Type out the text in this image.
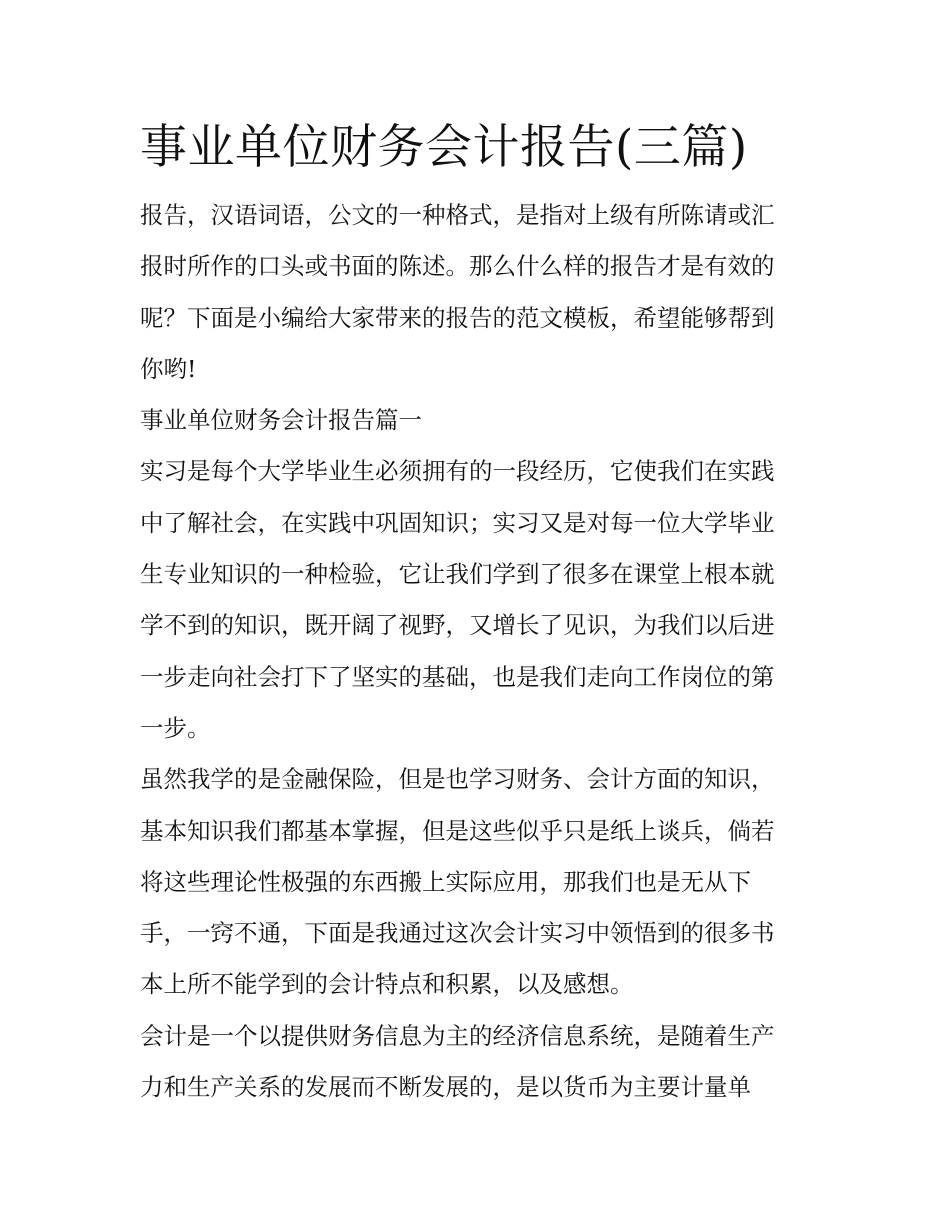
事业单位财务会计报告(三篇)

报告，汉语词语，公文的一种格式，是指对上级有所陈请或汇
报时所作的口头或书面的陈述。那么什么样的报告才是有效的
呢？下面是小编给大家带来的报告的范文模板，希望能够帮到
你哟!

事业单位财务会计报告篇一

实习是每个大学毕业生必须拥有的一段经历，它使我们在实践
中了解社会，在实践中巩固知识；实习又是对每一位大学毕业
生专业知识的一种检验，它让我们学到了很多在课堂上根本就
学不到的知识，既开阔了视野，又增长了见识，为我们以后进
一步走向社会打下了坚实的基础，也是我们走向工作岗位的第
一步。

虽然我学的是金融保险，但是也学习财务、会计方面的知识，
基本知识我们都基本掌握，但是这些似乎只是纸上谈兵，倘若
将这些理论性极强的东西搬上实际应用，那我们也是无从下
手，一窍不通，下面是我通过这次会计实习中领悟到的很多书
本上所不能学到的会计特点和积累，以及感想。

会计是一个以提供财务信息为主的经济信息系统，是随着生产
力和生产关系的发展而不断发展的，是以货币为主要计量单
